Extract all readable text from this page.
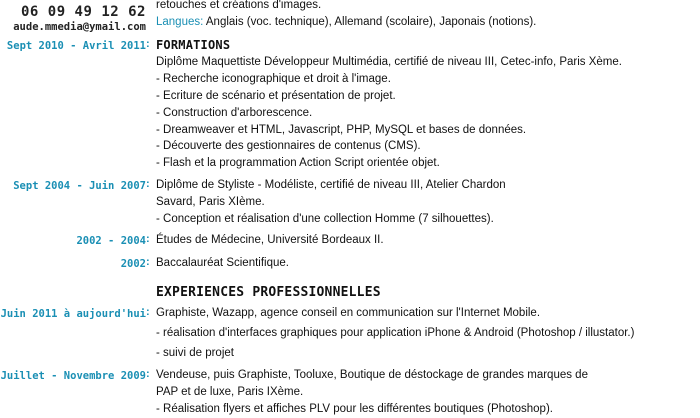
06 09 49 12 62
aude.mmedia@ymail.com
retouches et créations d'images.
Langues: Anglais (voc. technique), Allemand (scolaire), Japonais (notions).
Sept 2010 - Avril 2011 : FORMATIONS
Diplôme Maquettiste Développeur Multimédia, certifié de niveau III, Cetec-info, Paris Xème.
- Recherche iconographique et droit à l'image.
- Ecriture de scénario et présentation de projet.
- Construction d'arborescence.
- Dreamweaver et HTML, Javascript, PHP, MySQL et bases de données.
- Découverte des gestionnaires de contenus (CMS).
- Flash et la programmation Action Script orientée objet.
Sept 2004 - Juin 2007 : Diplôme de Styliste - Modéliste, certifié de niveau III, Atelier Chardon
Savard, Paris XIème.
- Conception et réalisation d'une collection Homme (7 silhouettes).
2002 - 2004 : Études de Médecine, Université Bordeaux II.
2002 : Baccalauréat Scientifique.
EXPERIENCES PROFESSIONNELLES
Juin 2011 à aujourd'hui : Graphiste, Wazapp, agence conseil en communication sur l'Internet Mobile.
- réalisation d'interfaces graphiques pour application iPhone & Android (Photoshop / illustator.)
- suivi de projet
Juillet - Novembre 2009 : Vendeuse, puis Graphiste, Tooluxe, Boutique de déstockage de grandes marques de
PAP et de luxe, Paris IXème.
- Réalisation flyers et affiches PLV pour les différentes boutiques (Photoshop).
